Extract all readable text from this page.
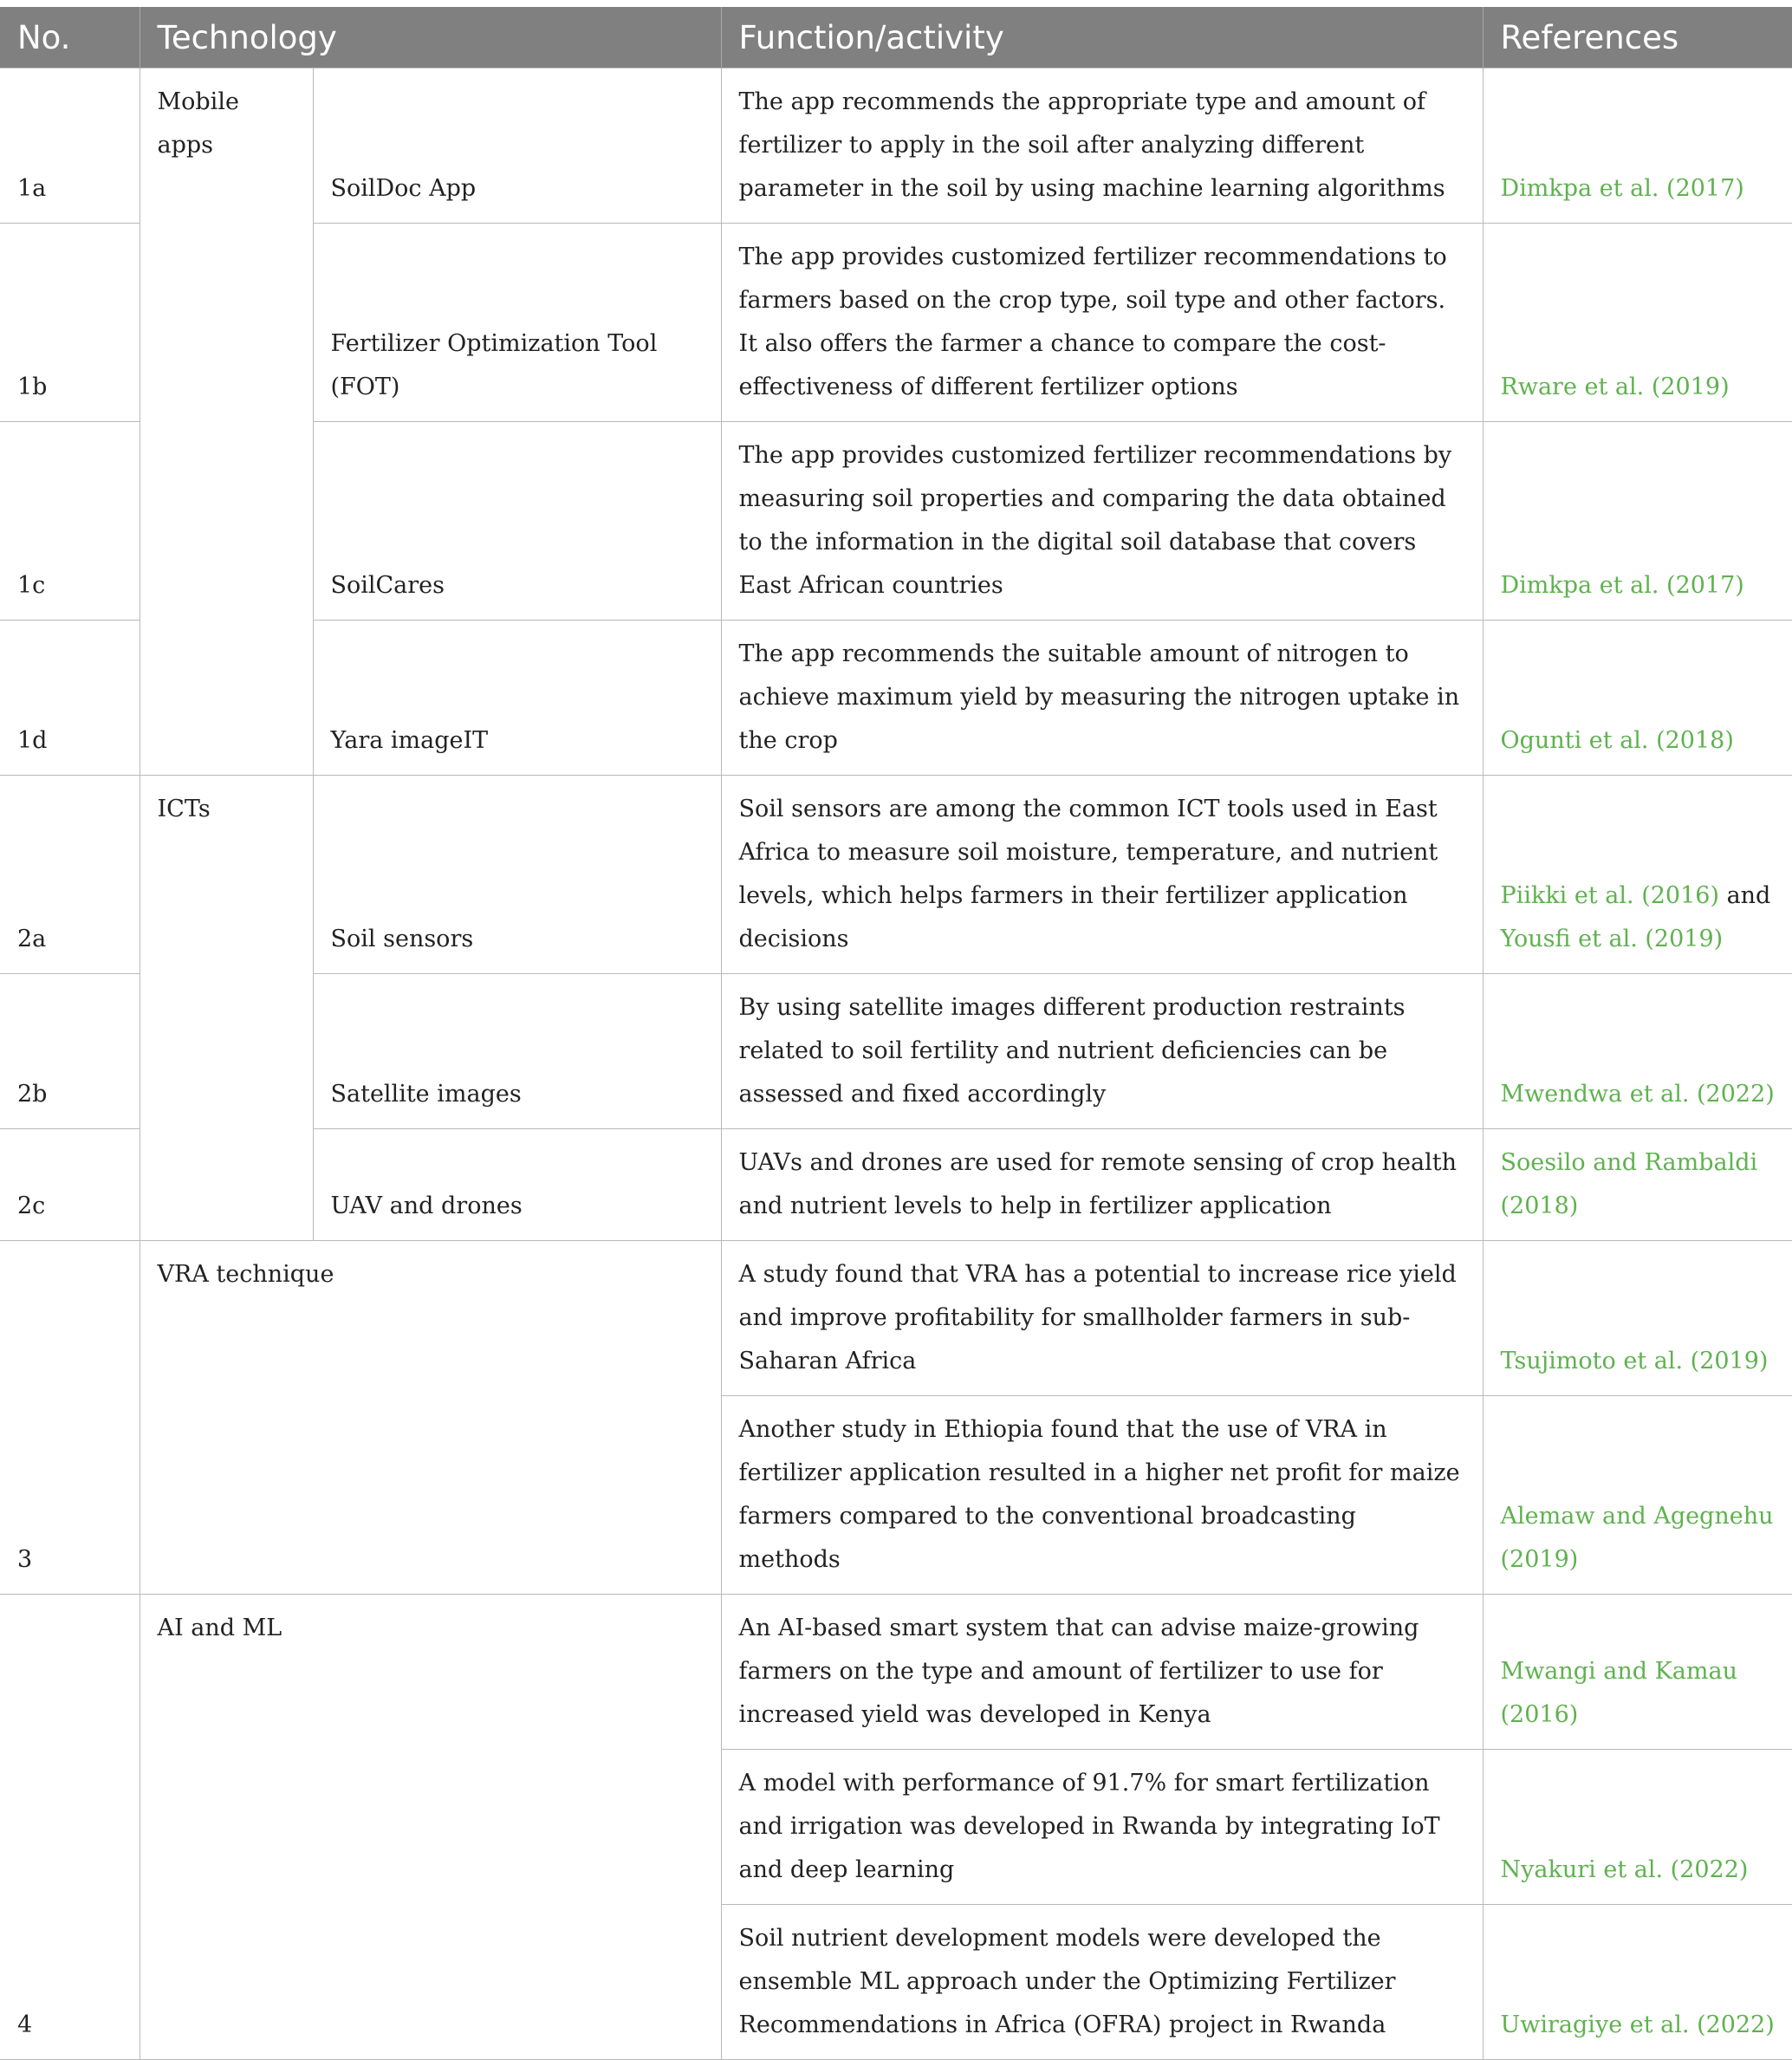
No.	Technology		Function/activity	References
1a	Mobile apps	SoilDoc App	The app recommends the appropriate type and amount of fertilizer to apply in the soil after analyzing different parameter in the soil by using machine learning algorithms	Dimkpa et al. (2017)
1b		Fertilizer Optimization Tool (FOT)	The app provides customized fertilizer recommendations to farmers based on the crop type, soil type and other factors. It also offers the farmer a chance to compare the cost-effectiveness of different fertilizer options	Rware et al. (2019)
1c		SoilCares	The app provides customized fertilizer recommendations by measuring soil properties and comparing the data obtained to the information in the digital soil database that covers East African countries	Dimkpa et al. (2017)
1d		Yara imageIT	The app recommends the suitable amount of nitrogen to achieve maximum yield by measuring the nitrogen uptake in the crop	Ogunti et al. (2018)
2a	ICTs	Soil sensors	Soil sensors are among the common ICT tools used in East Africa to measure soil moisture, temperature, and nutrient levels, which helps farmers in their fertilizer application decisions	Piikki et al. (2016) and Yousfi et al. (2019)
2b		Satellite images	By using satellite images different production restraints related to soil fertility and nutrient deficiencies can be assessed and fixed accordingly	Mwendwa et al. (2022)
2c		UAV and drones	UAVs and drones are used for remote sensing of crop health and nutrient levels to help in fertilizer application	Soesilo and Rambaldi (2018)
3	VRA technique		A study found that VRA has a potential to increase rice yield and improve profitability for smallholder farmers in sub-Saharan Africa	Tsujimoto et al. (2019)
			Another study in Ethiopia found that the use of VRA in fertilizer application resulted in a higher net profit for maize farmers compared to the conventional broadcasting methods	Alemaw and Agegnehu (2019)
4	AI and ML		An AI-based smart system that can advise maize-growing farmers on the type and amount of fertilizer to use for increased yield was developed in Kenya	Mwangi and Kamau (2016)
			A model with performance of 91.7% for smart fertilization and irrigation was developed in Rwanda by integrating IoT and deep learning	Nyakuri et al. (2022)
			Soil nutrient development models were developed the ensemble ML approach under the Optimizing Fertilizer Recommendations in Africa (OFRA) project in Rwanda	Uwiragiye et al. (2022)
